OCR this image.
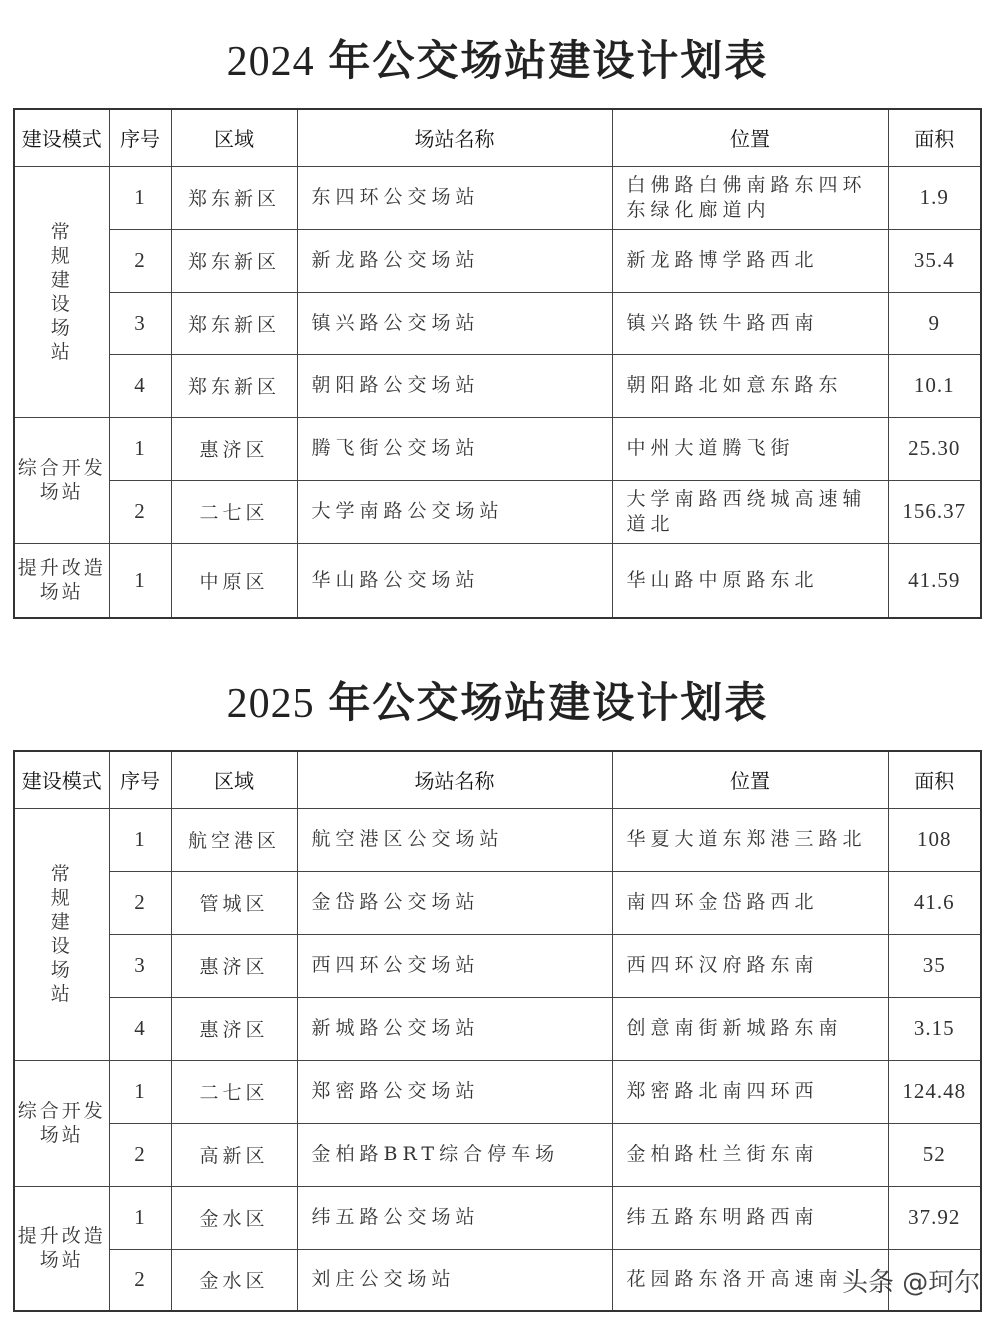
2024 年公交场站建设计划表
建设模式	序号	区域	场站名称	位置	面积

常
规
建
设
场
站
	1	郑东新区	东四环公交场站	白佛路白佛南路东四环东绿化廊道内	1.9
	2	郑东新区	新龙路公交场站	新龙路博学路西北	35.4
	3	郑东新区	镇兴路公交场站	镇兴路铁牛路西南	9
	4	郑东新区	朝阳路公交场站	朝阳路北如意东路东	10.1

综合开发
场站	1	惠济区	腾飞街公交场站	中州大道腾飞街	25.30
	2	二七区	大学南路公交场站	大学南路西绕城高速辅道北	156.37

提升改造
场站	1	中原区	华山路公交场站	华山路中原路东北	41.59
2025 年公交场站建设计划表
建设模式	序号	区域	场站名称	位置	面积

常
规
建
设
场
站
	1	航空港区	航空港区公交场站	华夏大道东郑港三路北	108
	2	管城区	金岱路公交场站	南四环金岱路西北	41.6
	3	惠济区	西四环公交场站	西四环汉府路东南	35
	4	惠济区	新城路公交场站	创意南街新城路东南	3.15

综合开发
场站	1	二七区	郑密路公交场站	郑密路北南四环西	124.48
	2	高新区	金柏路BRT综合停车场	金柏路杜兰街东南	52

提升改造
场站	1	金水区	纬五路公交场站	纬五路东明路西南	37.92
	2	金水区	刘庄公交场站	花园路东洛开高速南	头条 @珂尔
